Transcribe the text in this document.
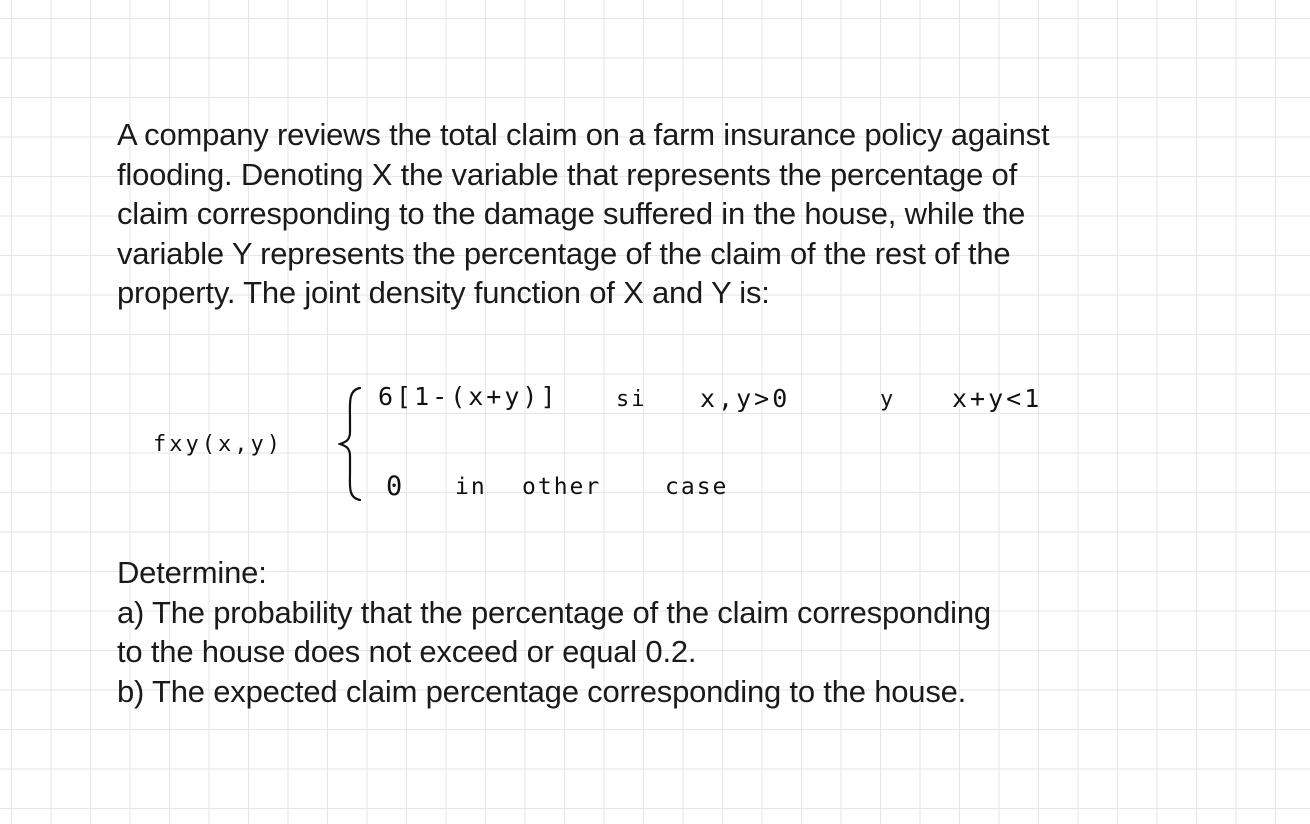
A company reviews the total claim on a farm insurance policy against
flooding. Denoting X the variable that represents the percentage of
claim corresponding to the damage suffered in the house, while the
variable Y represents the percentage of the claim of the rest of the
property. The joint density function of X and Y is:
fxy(x,y)
6[1-(x+y)]	si x,y>0	y x+y<1
0 in other	case
Determine:
a) The probability that the percentage of the claim corresponding
to the house does not exceed or equal 0.2.
b) The expected claim percentage corresponding to the house.
